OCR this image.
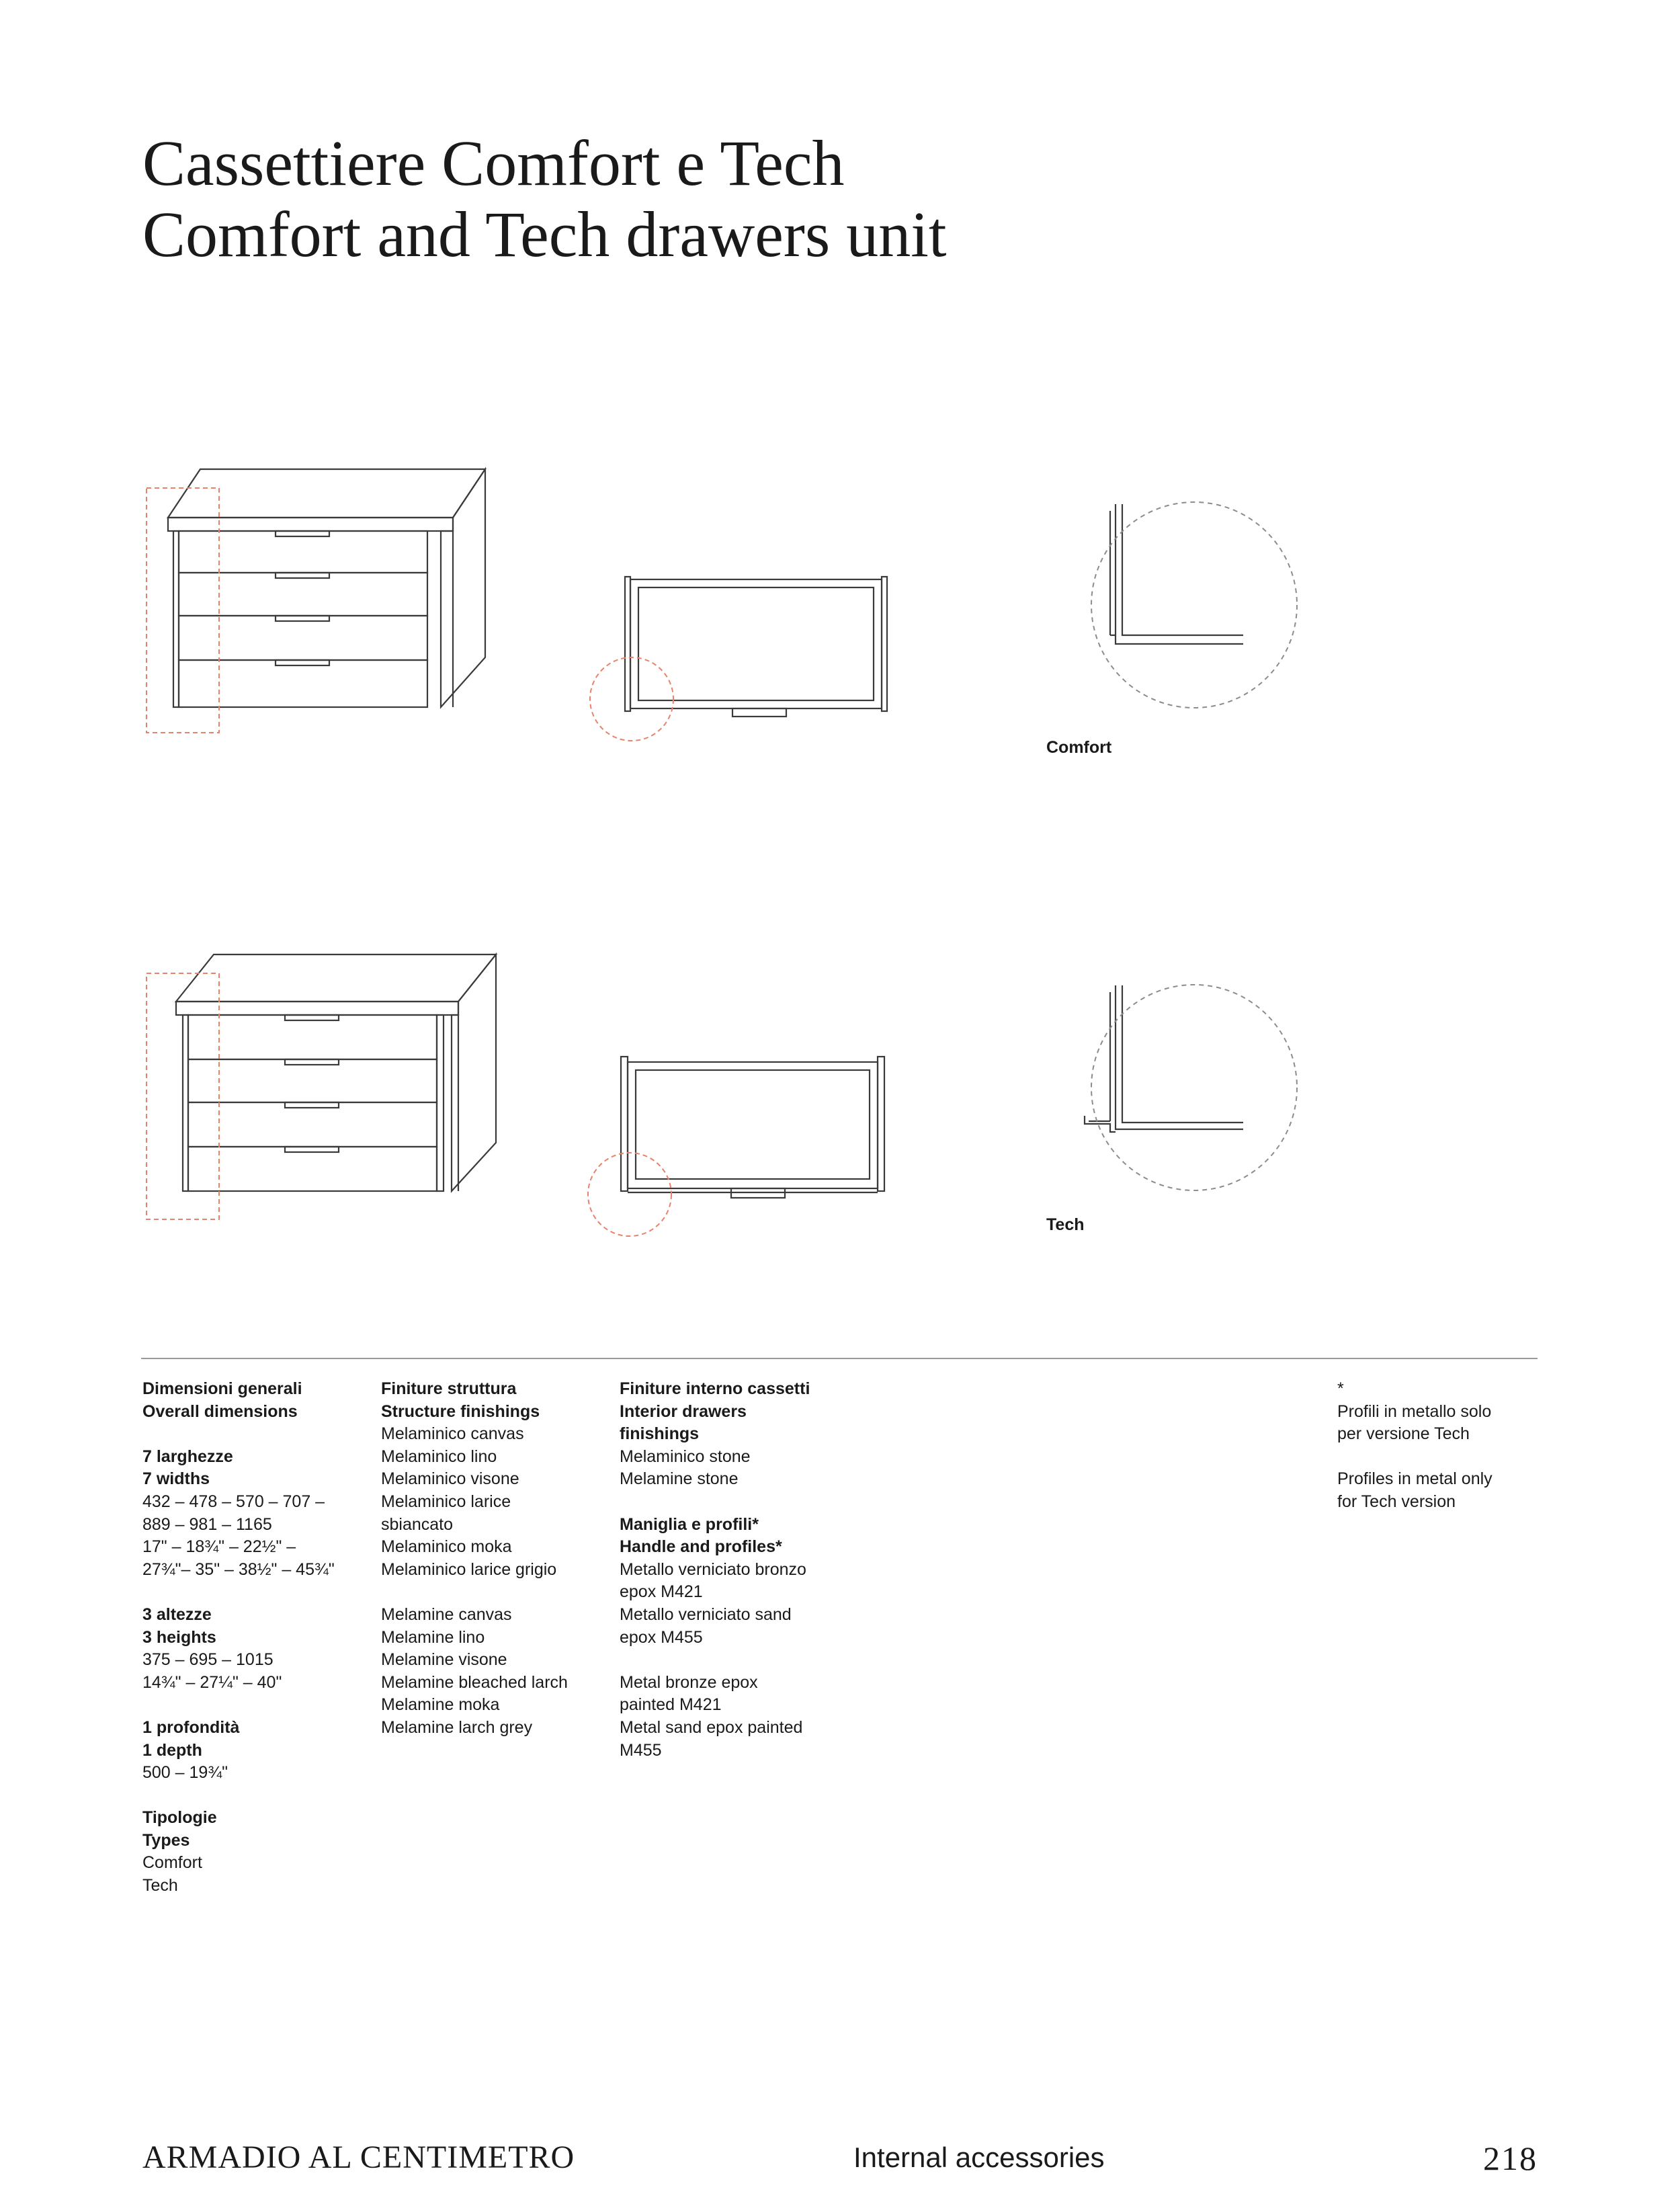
Cassettiere Comfort e Tech
Comfort and Tech drawers unit
Comfort
Tech
Dimensioni generali
Overall dimensions
7 larghezze
7 widths
432 – 478 – 570 – 707 –
889 – 981 – 1165
17" – 18¾" – 22½" –
27¾"– 35" – 38½" – 45¾"
3 altezze
3 heights
375 – 695 – 1015
14¾" – 27¼" – 40"
1 profondità
1 depth
500 – 19¾"
Tipologie
Types
Comfort
Tech
Finiture struttura
Structure finishings
Melaminico canvas
Melaminico lino
Melaminico visone
Melaminico larice
sbiancato
Melaminico moka
Melaminico larice grigio
Melamine canvas
Melamine lino
Melamine visone
Melamine bleached larch
Melamine moka
Melamine larch grey
Finiture interno cassetti
Interior drawers
finishings
Melaminico stone
Melamine stone
Maniglia e profili*
Handle and profiles*
Metallo verniciato bronzo
epox M421
Metallo verniciato sand
epox M455
Metal bronze epox
painted M421
Metal sand epox painted
M455
*
Profili in metallo solo
per versione Tech
Profiles in metal only
for Tech version
ARMADIO AL CENTIMETRO	Internal accessories	218
